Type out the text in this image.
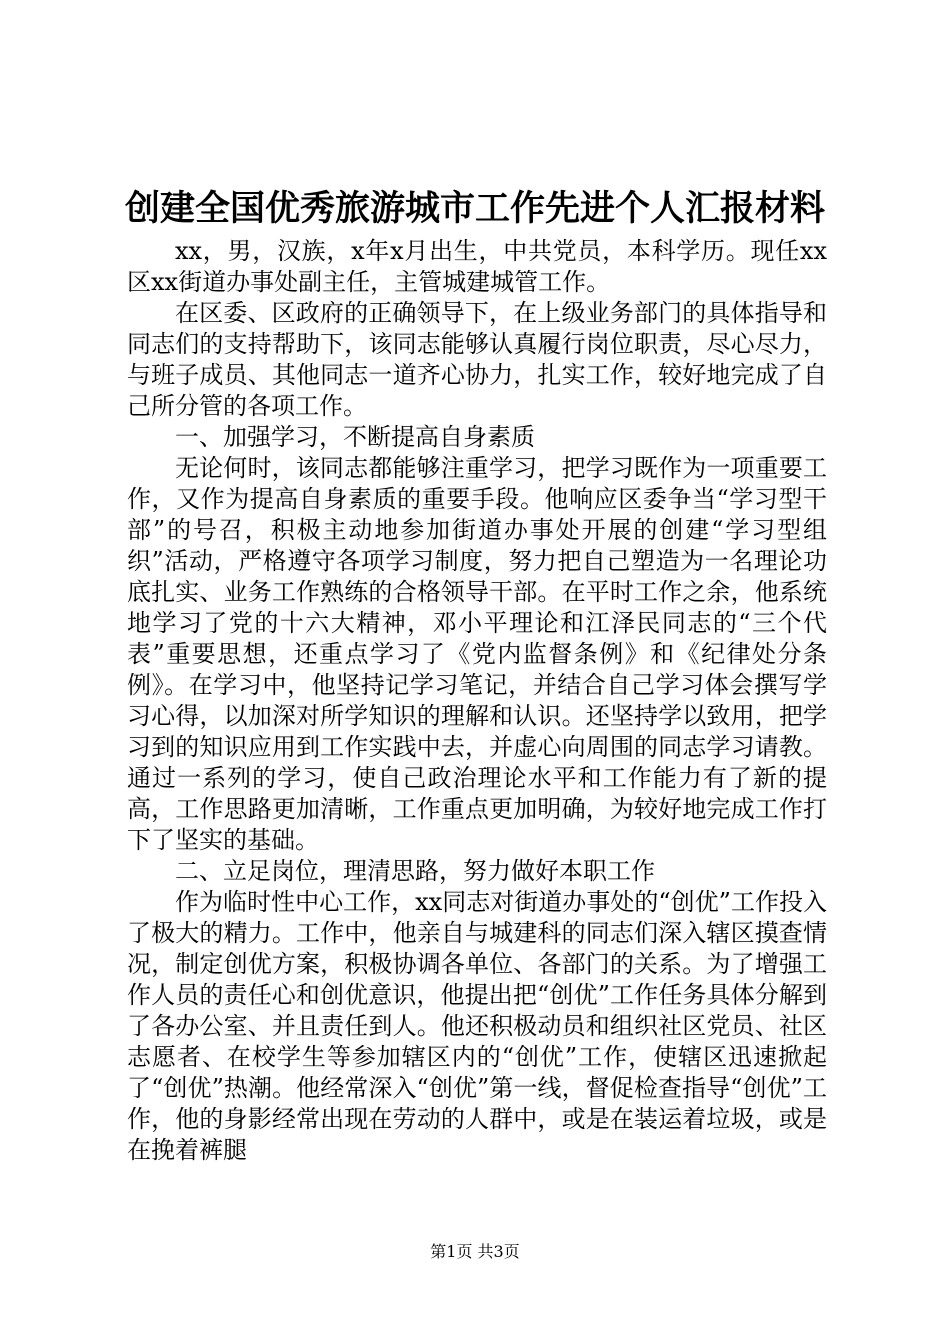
创建全国优秀旅游城市工作先进个人汇报材料

xx，男，汉族，x年x月出生，中共党员，本科学历。现任xx区xx街道办事处副主任，主管城建城管工作。

在区委、区政府的正确领导下，在上级业务部门的具体指导和同志们的支持帮助下，该同志能够认真履行岗位职责，尽心尽力，与班子成员、其他同志一道齐心协力，扎实工作，较好地完成了自己所分管的各项工作。

一、加强学习，不断提高自身素质

无论何时，该同志都能够注重学习，把学习既作为一项重要工作，又作为提高自身素质的重要手段。他响应区委争当“学习型干部”的号召，积极主动地参加街道办事处开展的创建“学习型组织”活动，严格遵守各项学习制度，努力把自己塑造为一名理论功底扎实、业务工作熟练的合格领导干部。在平时工作之余，他系统地学习了党的十六大精神，邓小平理论和江泽民同志的“三个代表”重要思想，还重点学习了《党内监督条例》和《纪律处分条例》。在学习中，他坚持记学习笔记，并结合自己学习体会撰写学习心得，以加深对所学知识的理解和认识。还坚持学以致用，把学习到的知识应用到工作实践中去，并虚心向周围的同志学习请教。通过一系列的学习，使自己政治理论水平和工作能力有了新的提高，工作思路更加清晰，工作重点更加明确，为较好地完成工作打下了坚实的基础。

二、立足岗位，理清思路，努力做好本职工作

作为临时性中心工作，xx同志对街道办事处的“创优”工作投入了极大的精力。工作中，他亲自与城建科的同志们深入辖区摸查情况，制定创优方案，积极协调各单位、各部门的关系。为了增强工作人员的责任心和创优意识，他提出把“创优”工作任务具体分解到了各办公室、并且责任到人。他还积极动员和组织社区党员、社区志愿者、在校学生等参加辖区内的“创优”工作，使辖区迅速掀起了“创优”热潮。他经常深入“创优”第一线，督促检查指导“创优”工作，他的身影经常出现在劳动的人群中，或是在装运着垃圾，或是在挽着裤腿

第1页 共3页
